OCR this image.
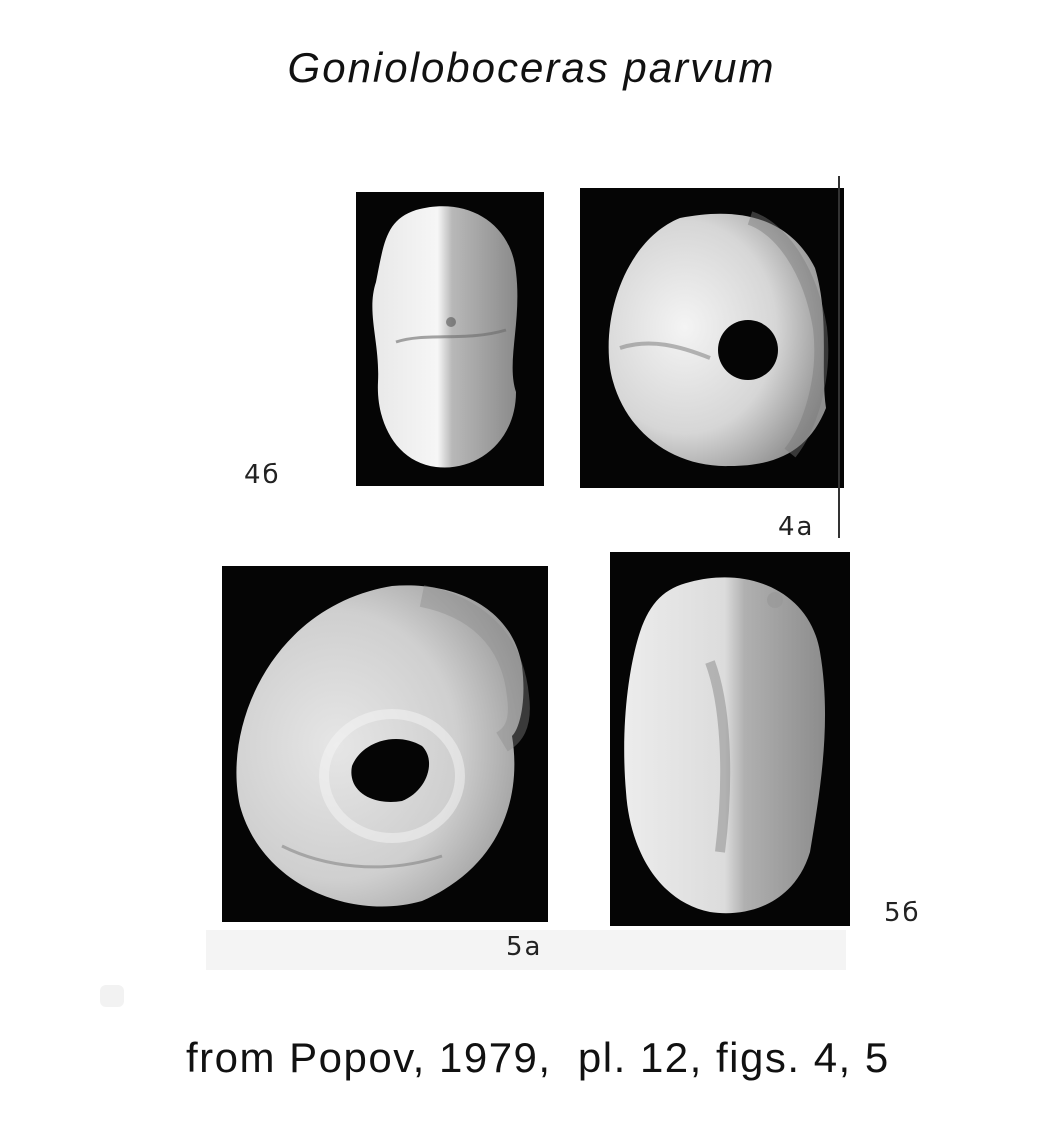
Gonioloboceras parvum
4б
4a
5a
5б
from Popov, 1979,  pl. 12, figs. 4, 5
